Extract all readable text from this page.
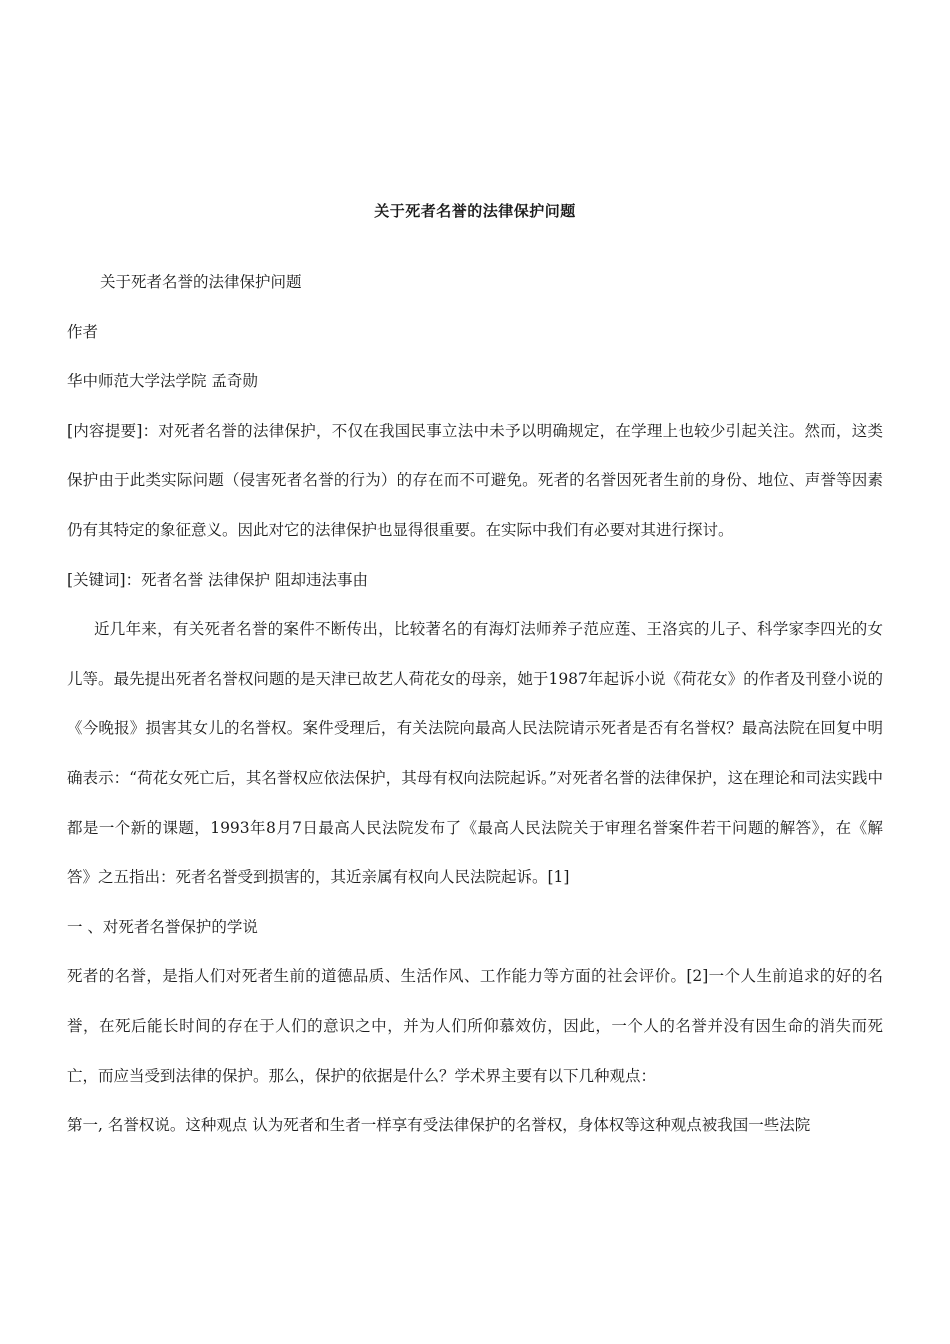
关于死者名誉的法律保护问题

关于死者名誉的法律保护问题

作者

华中师范大学法学院 孟奇勋

[内容提要]：对死者名誉的法律保护，不仅在我国民事立法中未予以明确规定，在学理上也较少引起关注。然而，这类保护由于此类实际问题（侵害死者名誉的行为）的存在而不可避免。死者的名誉因死者生前的身份、地位、声誉等因素仍有其特定的象征意义。因此对它的法律保护也显得很重要。在实际中我们有必要对其进行探讨。

[关键词]：死者名誉 法律保护 阻却违法事由

近几年来，有关死者名誉的案件不断传出，比较著名的有海灯法师养子范应莲、王洛宾的儿子、科学家李四光的女儿等。最先提出死者名誉权问题的是天津已故艺人荷花女的母亲，她于1987年起诉小说《荷花女》的作者及刊登小说的《今晚报》损害其女儿的名誉权。案件受理后，有关法院向最高人民法院请示死者是否有名誉权？最高法院在回复中明确表示：“荷花女死亡后，其名誉权应依法保护，其母有权向法院起诉。”对死者名誉的法律保护，这在理论和司法实践中都是一个新的课题，1993年8月7日最高人民法院发布了《最高人民法院关于审理名誉案件若干问题的解答》，在《解答》之五指出：死者名誉受到损害的，其近亲属有权向人民法院起诉。[1]

一 、对死者名誉保护的学说

死者的名誉，是指人们对死者生前的道德品质、生活作风、工作能力等方面的社会评价。[2]一个人生前追求的好的名誉，在死后能长时间的存在于人们的意识之中，并为人们所仰慕效仿，因此，一个人的名誉并没有因生命的消失而死亡，而应当受到法律的保护。那么，保护的依据是什么？学术界主要有以下几种观点：

第一, 名誉权说。这种观点 认为死者和生者一样享有受法律保护的名誉权，身体权等这种观点被我国一些法院
